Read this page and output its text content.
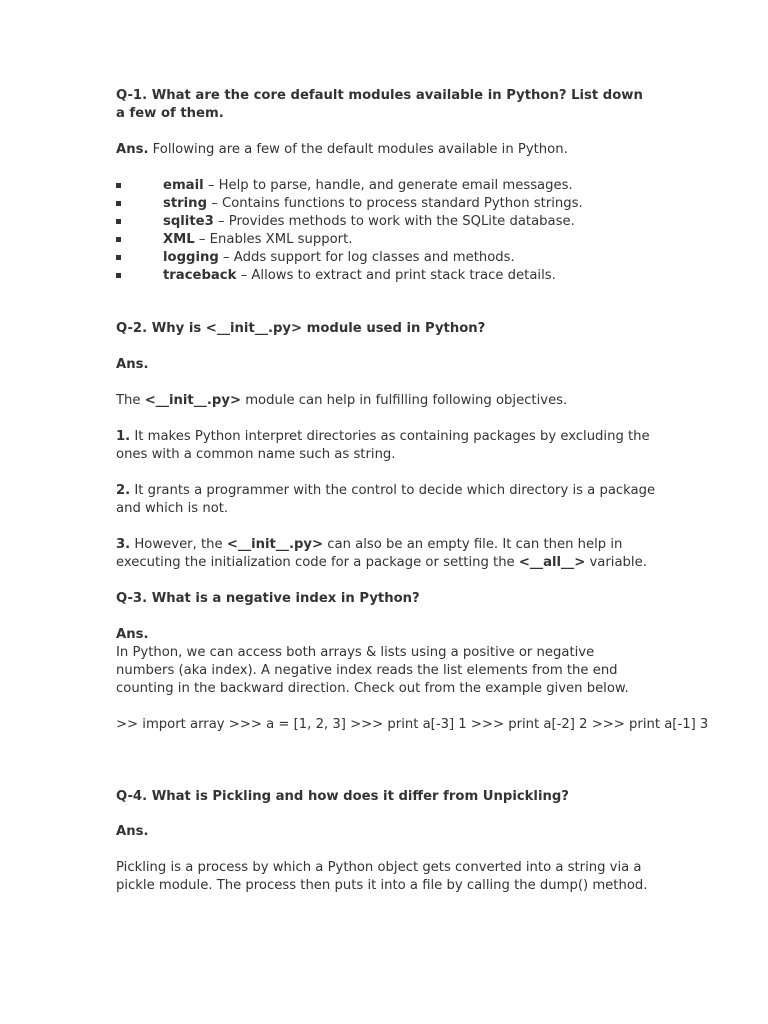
Q-1. What are the core default modules available in Python? List down a few of them.

Ans. Following are a few of the default modules available in Python.

email – Help to parse, handle, and generate email messages.
string – Contains functions to process standard Python strings.
sqlite3 – Provides methods to work with the SQLite database.
XML – Enables XML support.
logging – Adds support for log classes and methods.
traceback – Allows to extract and print stack trace details.

Q-2. Why is <__init__.py> module used in Python?

Ans.

The <__init__.py> module can help in fulfilling following objectives.

1. It makes Python interpret directories as containing packages by excluding the ones with a common name such as string.

2. It grants a programmer with the control to decide which directory is a package and which is not.

3. However, the <__init__.py> can also be an empty file. It can then help in executing the initialization code for a package or setting the <__all__> variable.

Q-3. What is a negative index in Python?

Ans.

In Python, we can access both arrays & lists using a positive or negative numbers (aka index). A negative index reads the list elements from the end counting in the backward direction. Check out from the example given below.

>> import array >>> a = [1, 2, 3] >>> print a[-3] 1 >>> print a[-2] 2 >>> print a[-1] 3

Q-4. What is Pickling and how does it differ from Unpickling?

Ans.

Pickling is a process by which a Python object gets converted into a string via a pickle module. The process then puts it into a file by calling the dump() method.
